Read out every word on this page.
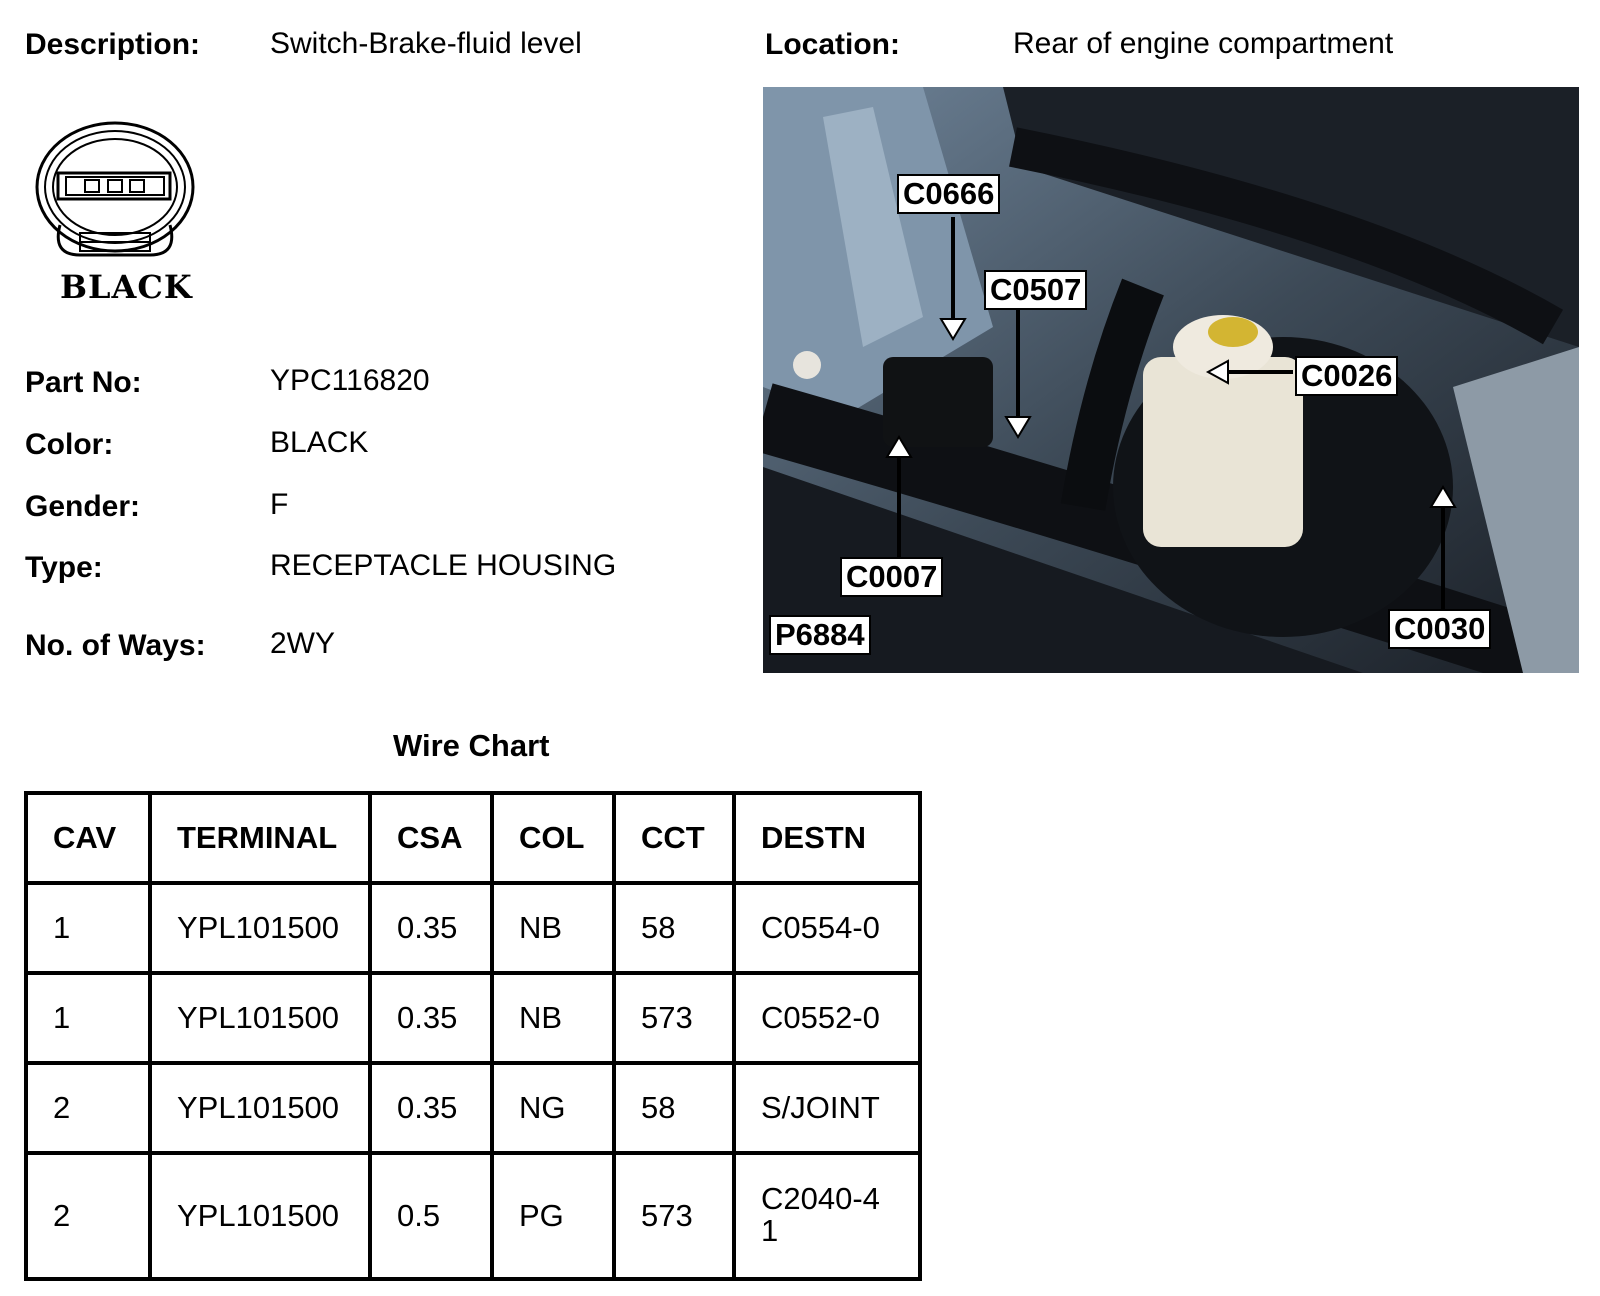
Description: Switch-Brake-fluid level	Location:	Rear of engine compartment
BLACK
Part No:	YPC116820
Color:	BLACK
Gender:	F
Type:	RECEPTACLE HOUSING
No. of Ways: 2WY
C0666
C0507
C0026
C0007
C0030
P6884
Wire Chart
CAV	TERMINAL	CSA	COL	CCT	DESTN
1	YPL101500	0.35	NB	58	C0554-0
1	YPL101500	0.35	NB	573	C0552-0
2	YPL101500	0.35	NG	58	S/JOINT
2	YPL101500	0.5	PG	573	C2040-41
